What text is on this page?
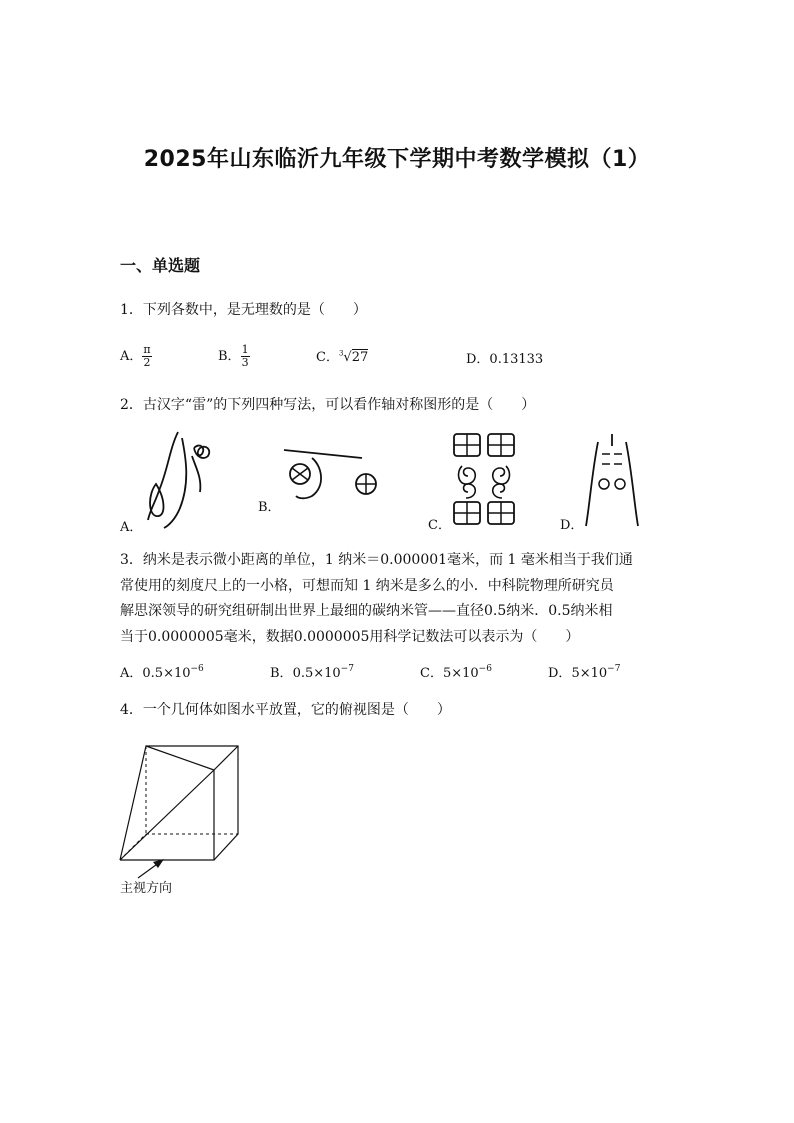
2025年山东临沂九年级下学期中考数学模拟（1）
一、单选题
1．下列各数中，是无理数的是（　　）
A． $\frac{\pi}{2}$	B． $\frac{1}{3}$	C．$^3$√27	D．0.13133
2．古汉字“雷”的下列四种写法，可以看作轴对称图形的是（　　）
A．
B．
C．	D．
3．纳米是表示微小距离的单位，1 纳米＝0.000001毫米，而 1 毫米相当于我们通
常使用的刻度尺上的一小格，可想而知 1 纳米是多么的小．中科院物理所研究员
解思深领导的研究组研制出世界上最细的碳纳米管——直径0.5纳米．0.5纳米相
当于0.0000005毫米，数据0.0000005用科学记数法可以表示为（　　）
A．$0.5\times 10^{-6}$	B．$0.5\times 10^{-7}$	C．$5\times 10^{-6}$	D．$5\times 10^{-7}$
4．一个几何体如图水平放置，它的俯视图是（　　）
主视方向
